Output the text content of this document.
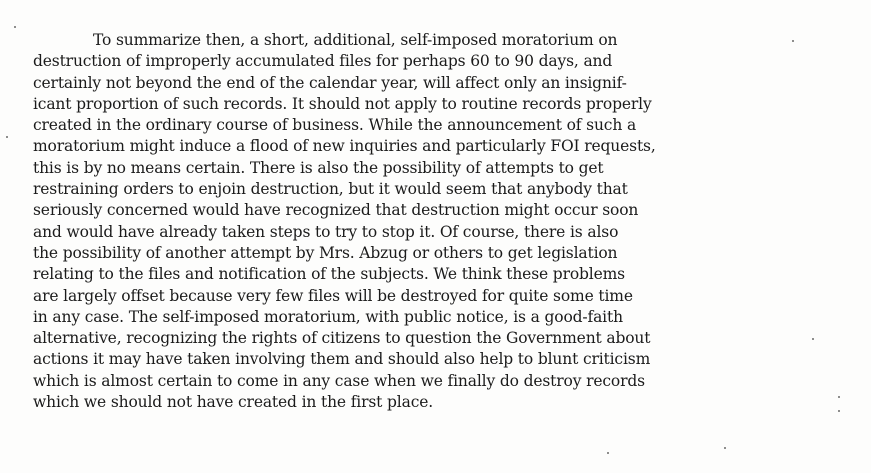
To summarize then, a short, additional, self-imposed moratorium on
destruction of improperly accumulated files for perhaps 60 to 90 days, and
certainly not beyond the end of the calendar year, will affect only an insignif-
icant proportion of such records. It should not apply to routine records properly
created in the ordinary course of business. While the announcement of such a
moratorium might induce a flood of new inquiries and particularly FOI requests,
this is by no means certain. There is also the possibility of attempts to get
restraining orders to enjoin destruction, but it would seem that anybody that
seriously concerned would have recognized that destruction might occur soon
and would have already taken steps to try to stop it. Of course, there is also
the possibility of another attempt by Mrs. Abzug or others to get legislation
relating to the files and notification of the subjects. We think these problems
are largely offset because very few files will be destroyed for quite some time
in any case. The self-imposed moratorium, with public notice, is a good-faith
alternative, recognizing the rights of citizens to question the Government about
actions it may have taken involving them and should also help to blunt criticism
which is almost certain to come in any case when we finally do destroy records
which we should not have created in the first place.
